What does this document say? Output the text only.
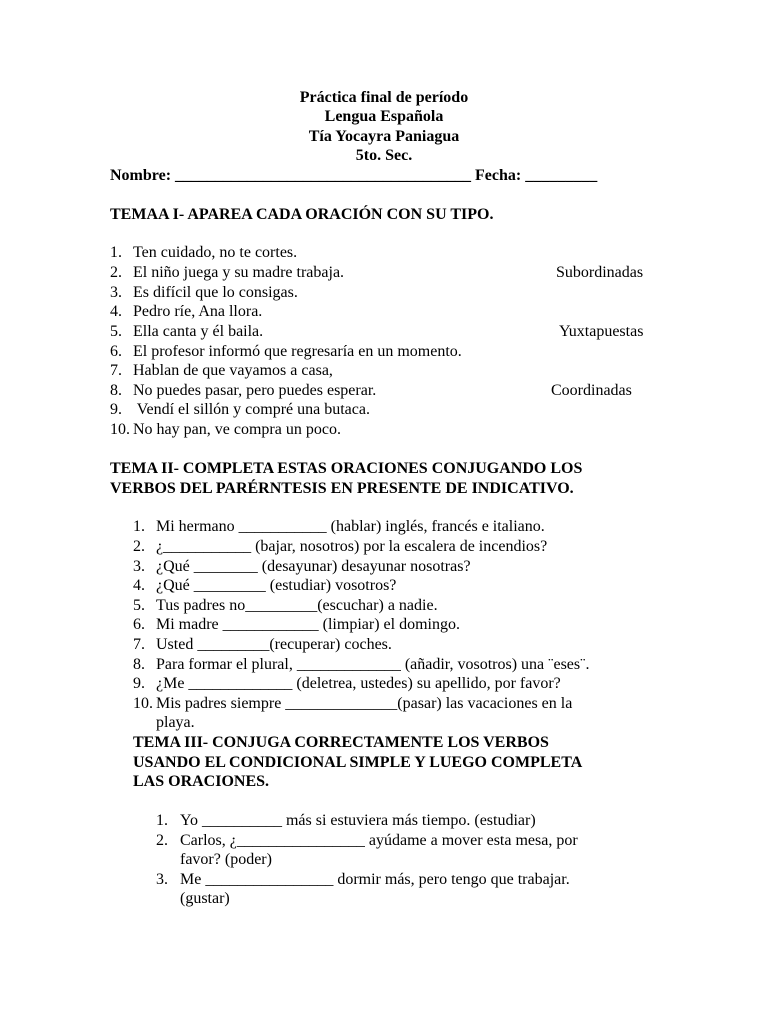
Práctica final de período
Lengua Española
Tía Yocayra Paniagua
5to. Sec.
Nombre: _____________________________________ Fecha: _________
TEMAA I- APAREA CADA ORACIÓN CON SU TIPO.
1. Ten cuidado, no te cortes.
2. El niño juega y su madre trabaja.
3. Es difícil que lo consigas.
4. Pedro ríe, Ana llora.
5. Ella canta y él baila.
6. El profesor informó que regresaría en un momento.
7. Hablan de que vayamos a casa,
8. No puedes pasar, pero puedes esperar.
9. Vendí el sillón y compré una butaca.
10. No hay pan, ve compra un poco.
Subordinadas
Yuxtapuestas
Coordinadas
TEMA II- COMPLETA ESTAS ORACIONES CONJUGANDO LOS
VERBOS DEL PARÉRNTESIS EN PRESENTE DE INDICATIVO.
1. Mi hermano ___________ (hablar) inglés, francés e italiano.
2. ¿___________ (bajar, nosotros) por la escalera de incendios?
3. ¿Qué ________ (desayunar) desayunar nosotras?
4. ¿Qué _________ (estudiar) vosotros?
5. Tus padres no_________(escuchar) a nadie.
6. Mi madre ____________ (limpiar) el domingo.
7. Usted _________(recuperar) coches.
8. Para formar el plural, _____________ (añadir, vosotros) una ¨eses¨.
9. ¿Me _____________ (deletrea, ustedes) su apellido, por favor?
10. Mis padres siempre ______________(pasar) las vacaciones en la
playa.
TEMA III- CONJUGA CORRECTAMENTE LOS VERBOS
USANDO EL CONDICIONAL SIMPLE Y LUEGO COMPLETA
LAS ORACIONES.
1. Yo __________ más si estuviera más tiempo. (estudiar)
2. Carlos, ¿________________ ayúdame a mover esta mesa, por
favor? (poder)
3. Me ________________ dormir más, pero tengo que trabajar.
(gustar)
